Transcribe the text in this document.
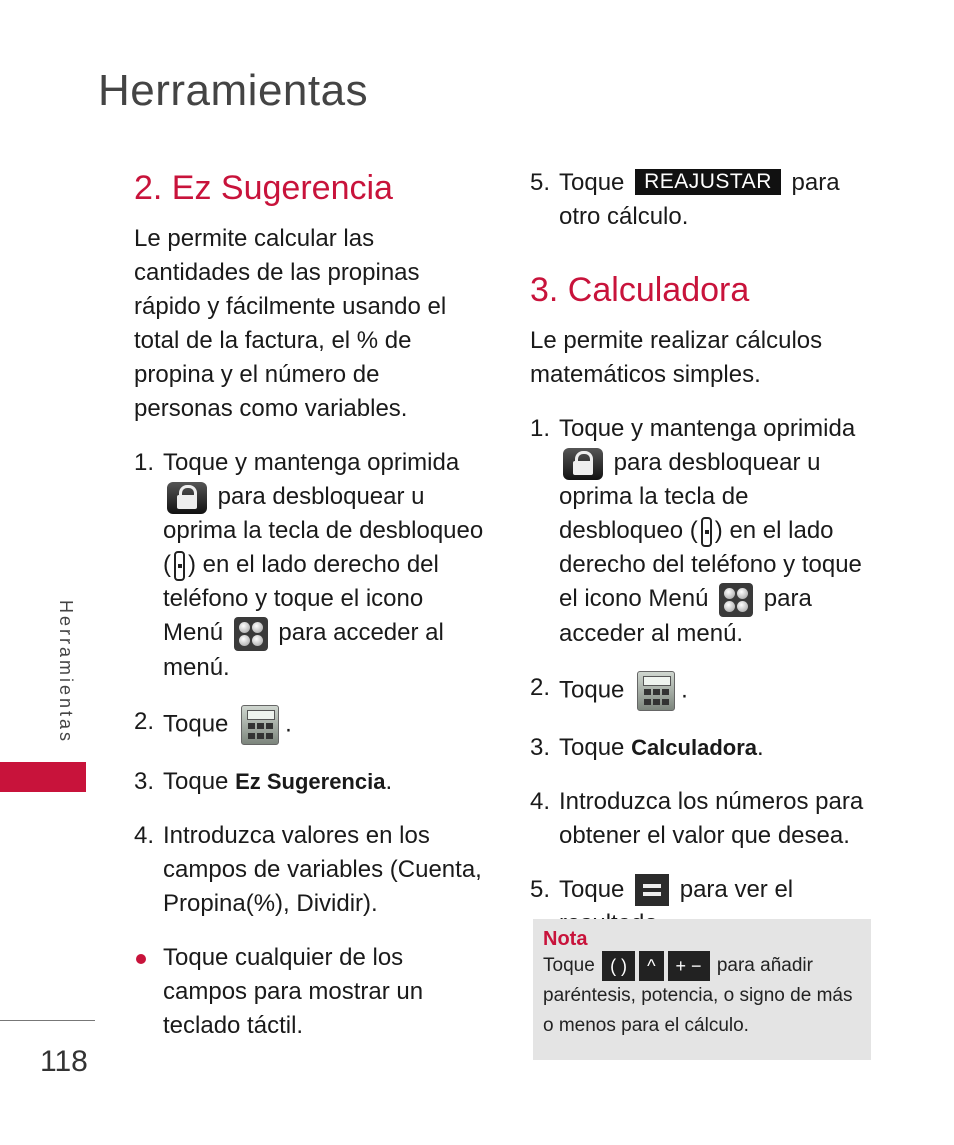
Herramientas
Herramientas
118
2. Ez Sugerencia

Le permite calcular las cantidades de las propinas rápido y fácilmente usando el total de la factura, el % de propina y el número de personas como variables.

1. Toque y mantenga oprimida
para desbloquear u oprima la tecla de desbloqueo ( ) en el lado derecho del teléfono y toque el icono Menú para acceder al menú.
2. Toque .
3. Toque Ez Sugerencia.
4. Introduzca valores en los campos de variables (Cuenta, Propina(%), Dividir).
Toque cualquier de los campos para mostrar un teclado táctil.
5. Toque REAJUSTAR para otro cálculo.
3. Calculadora

Le permite realizar cálculos matemáticos simples.

1. Toque y mantenga oprimida
para desbloquear u oprima la tecla de desbloqueo ( ) en el lado derecho del teléfono y toque el icono Menú para acceder al menú.
2. Toque .
3. Toque Calculadora.
4. Introduzca los números para obtener el valor que desea.
5. Toque para ver el
Nota
Toque ( ) ^ + − para añadir paréntesis, potencia, o signo de más o menos para el cálculo.
